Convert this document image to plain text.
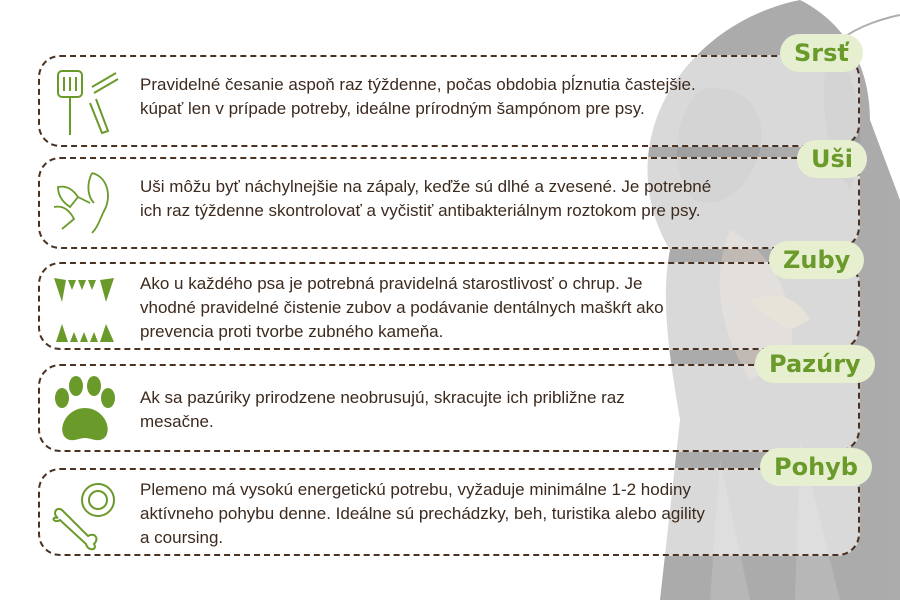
Pravidelné česanie aspoň raz týždenne, počas obdobia pĺznutia častejšie.
kúpať len v prípade potreby, ideálne prírodným šampónom pre psy.
Srsť
Uši môžu byť náchylnejšie na zápaly, keďže sú dlhé a zvesené. Je potrebné
ich raz týždenne skontrolovať a vyčistiť antibakteriálnym roztokom pre psy.
Uši
Ako u každého psa je potrebná pravidelná starostlivosť o chrup. Je
vhodné pravidelné čistenie zubov a podávanie dentálnych maškŕt ako
prevencia proti tvorbe zubného kameňa.
Zuby
Ak sa pazúriky prirodzene neobrusujú, skracujte ich približne raz
mesačne.
Pazúry
Plemeno má vysokú energetickú potrebu, vyžaduje minimálne 1-2 hodiny
aktívneho pohybu denne. Ideálne sú prechádzky, beh, turistika alebo agility
a coursing.
Pohyb
